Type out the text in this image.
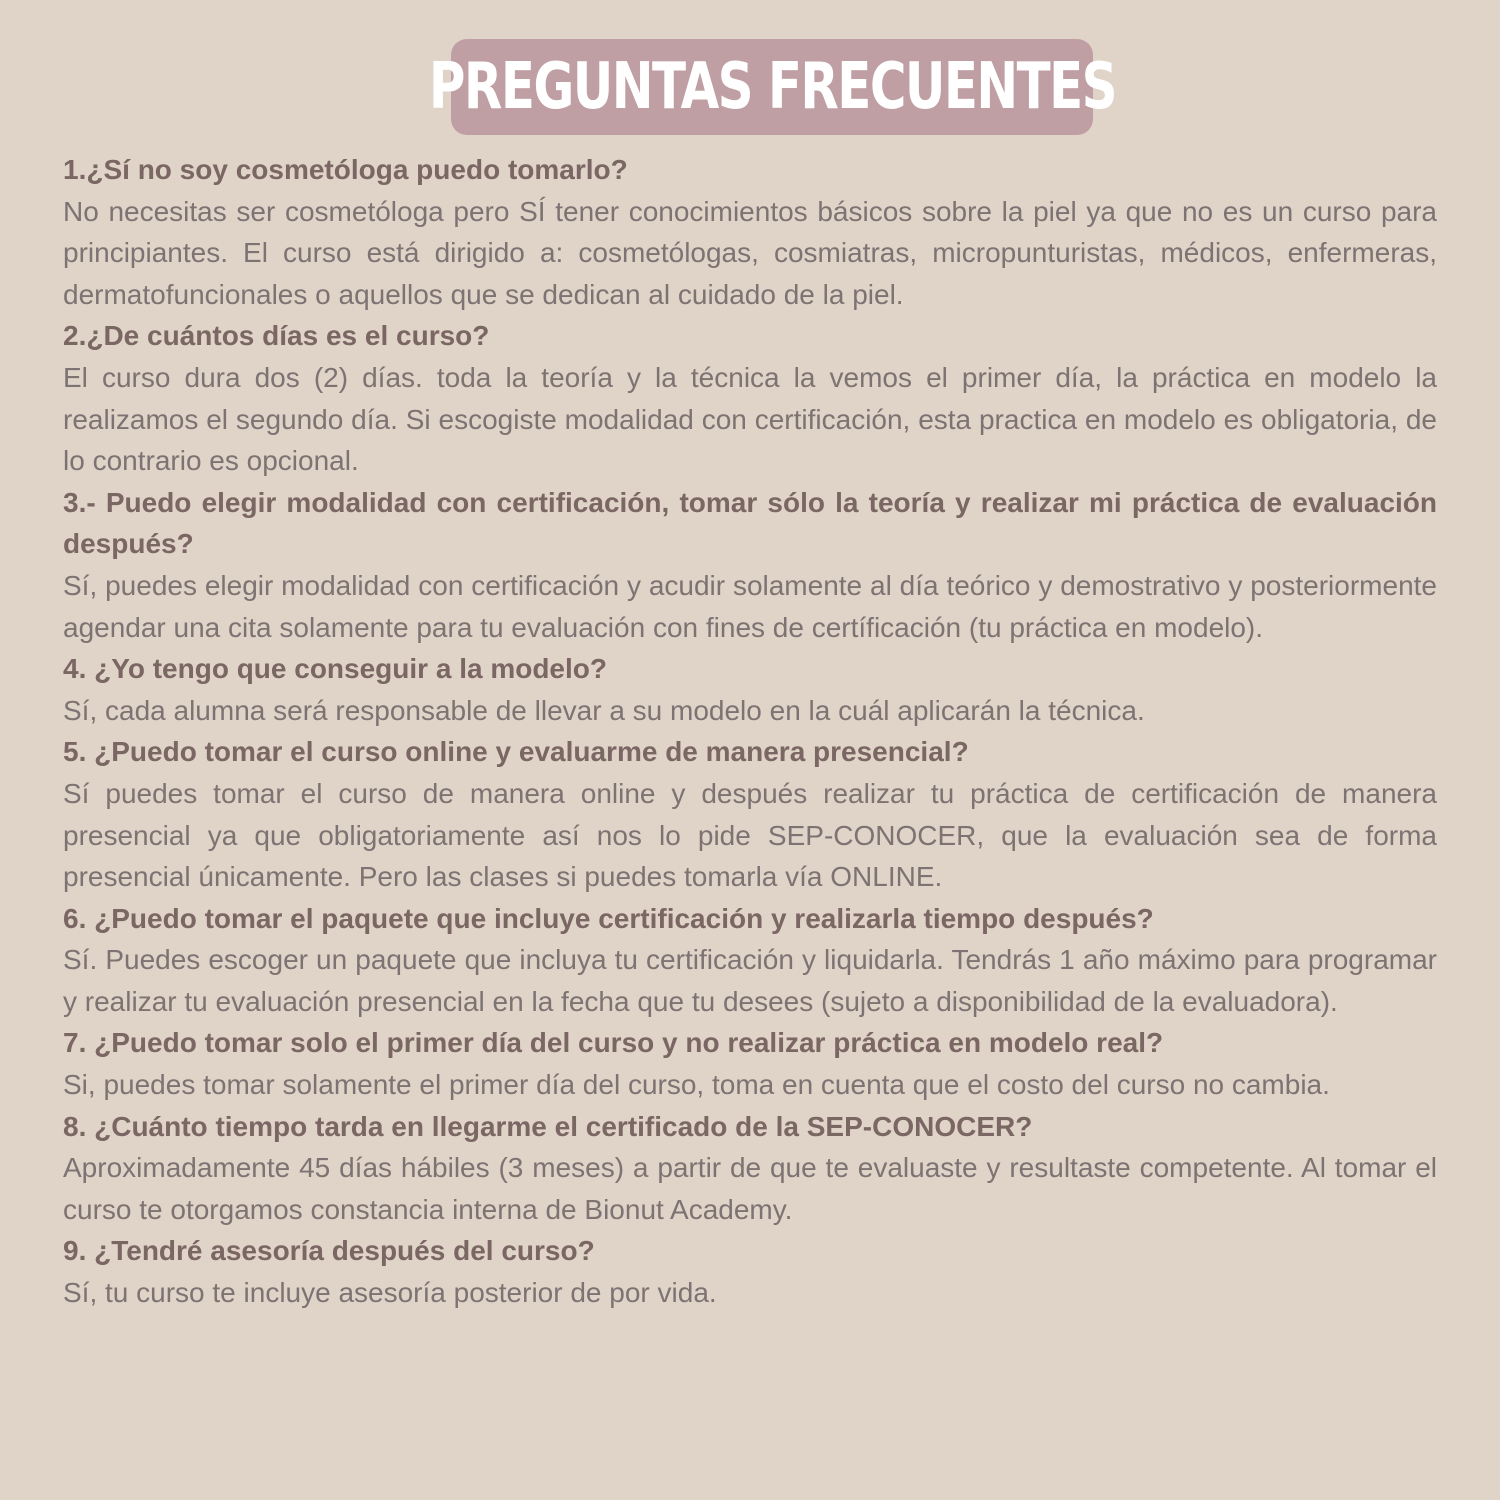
PREGUNTAS FRECUENTES

1.¿Sí no soy cosmetóloga puedo tomarlo?

No necesitas ser cosmetóloga pero SÍ tener conocimientos básicos sobre la piel ya que no es un curso para principiantes. El curso está dirigido a: cosmetólogas, cosmiatras, micropunturistas, médicos, enfermeras, dermatofuncionales o aquellos que se dedican al cuidado de la piel.

2.¿De cuántos días es el curso?

El curso dura dos (2) días. toda la teoría y la técnica la vemos el primer día, la práctica en modelo la realizamos el segundo día. Si escogiste modalidad con certificación, esta practica en modelo es obligatoria, de lo contrario es opcional.

3.- Puedo elegir modalidad con certificación, tomar sólo la teoría y realizar mi práctica de evaluación después?

Sí, puedes elegir modalidad con certificación y acudir solamente al día teórico y demostrativo y posteriormente agendar una cita solamente para tu evaluación con fines de certíficación (tu práctica en modelo).

4. ¿Yo tengo que conseguir a la modelo?

Sí, cada alumna será responsable de llevar a su modelo en la cuál aplicarán la técnica.

5. ¿Puedo tomar el curso online y evaluarme de manera presencial?

Sí puedes tomar el curso de manera online y después realizar tu práctica de certificación de manera presencial ya que obligatoriamente así nos lo pide SEP-CONOCER, que la evaluación sea de forma presencial únicamente. Pero las clases si puedes tomarla vía ONLINE.

6. ¿Puedo tomar el paquete que incluye certificación y realizarla tiempo después?

Sí. Puedes escoger un paquete que incluya tu certificación y liquidarla. Tendrás 1 año máximo para programar y realizar tu evaluación presencial en la fecha que tu desees (sujeto a disponibilidad de la evaluadora).

7. ¿Puedo tomar solo el primer día del curso y no realizar práctica en modelo real?

Si, puedes tomar solamente el primer día del curso, toma en cuenta que el costo del curso no cambia.

8. ¿Cuánto tiempo tarda en llegarme el certificado de la SEP-CONOCER?

Aproximadamente 45 días hábiles (3 meses) a partir de que te evaluaste y resultaste competente. Al tomar el curso te otorgamos constancia interna de Bionut Academy.

9. ¿Tendré asesoría después del curso?

Sí, tu curso te incluye asesoría posterior de por vida.
